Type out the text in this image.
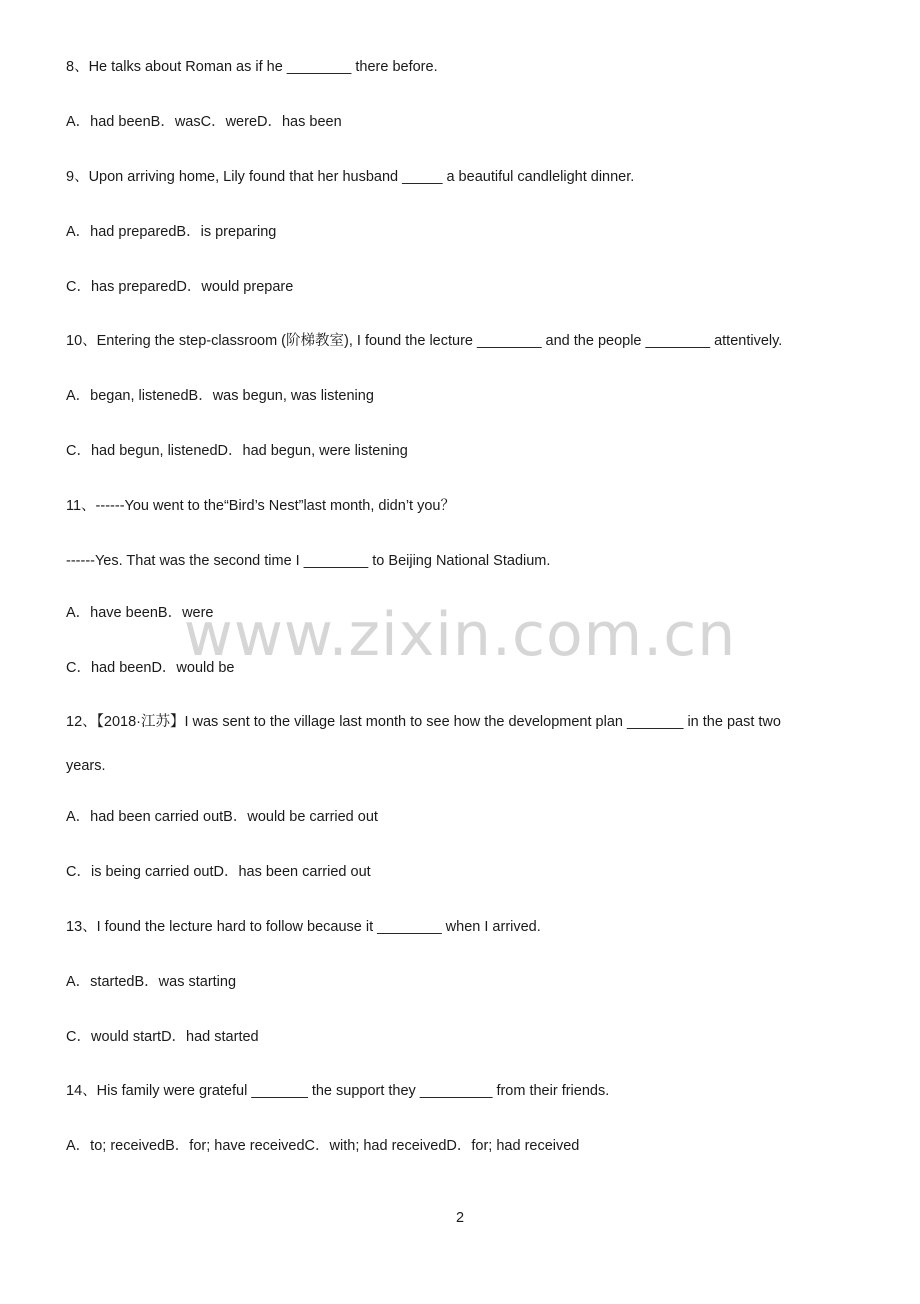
8、He talks about Roman as if he ________ there before.
A．had beenB．wasC．wereD．has been
9、Upon arriving home, Lily found that her husband _____ a beautiful candlelight dinner.
A．had preparedB．is preparing
C．has preparedD．would prepare
10、Entering the step-classroom (阶梯教室), I found the lecture ________ and the people ________ attentively.
A．began, listenedB．was begun, was listening
C．had begun, listenedD．had begun, were listening
11、------You went to the“Bird’s Nest”last month, didn’t you？
------Yes. That was the second time I ________ to Beijing National Stadium.
A．have beenB．were
C．had beenD．would be
12、【2018·江苏】I was sent to the village last month to see how the development plan _______ in the past two
years.
A．had been carried outB．would be carried out
C．is being carried outD．has been carried out
13、I found the lecture hard to follow because it ________ when I arrived.
A．startedB．was starting
C．would startD．had started
14、His family were grateful _______ the support they _________ from their friends.
A．to; receivedB．for; have receivedC．with; had receivedD．for; had received
www.zixin.com.cn
2
